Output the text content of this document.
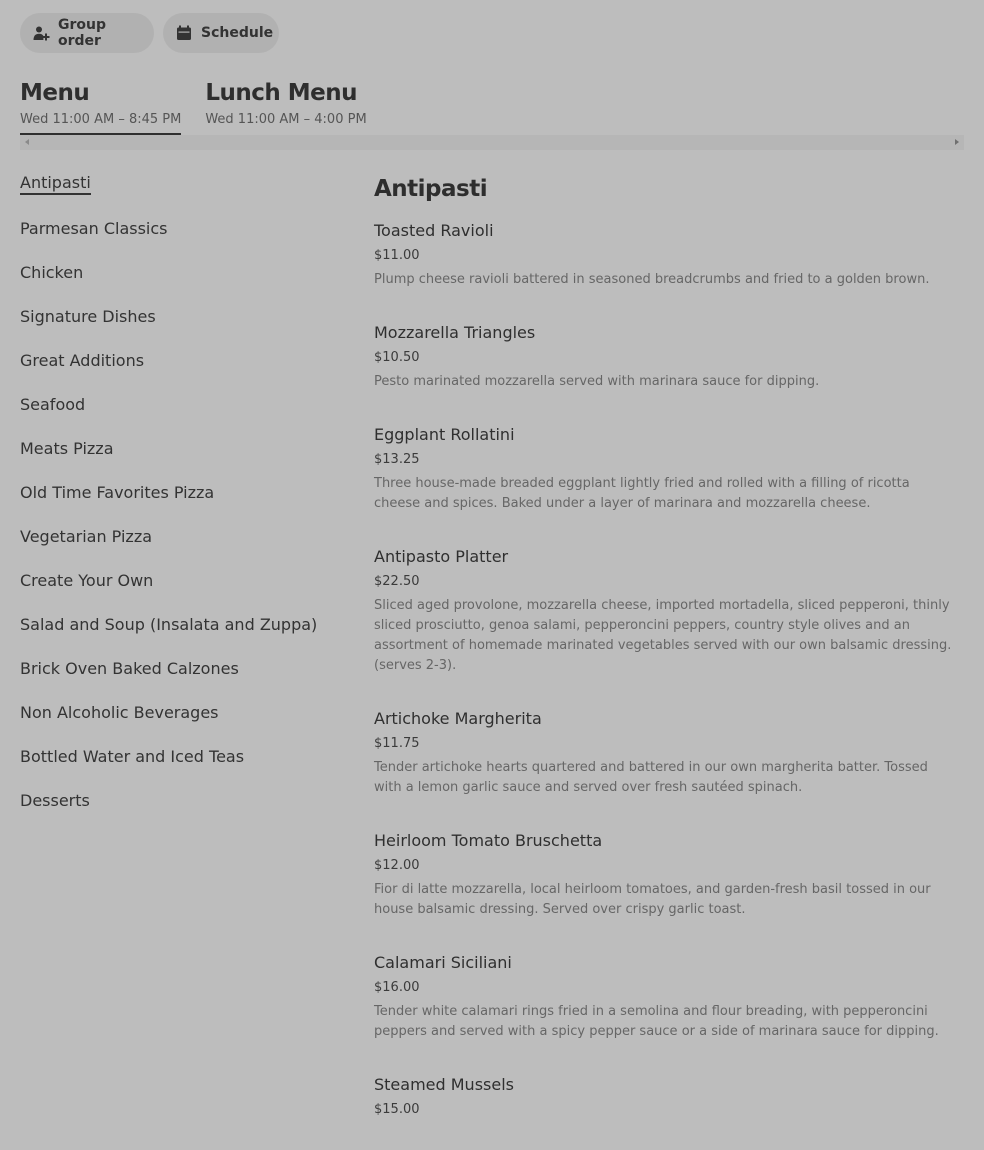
Group order	Schedule
Menu
Wed 11:00 AM – 8:45 PM
Lunch Menu
Wed 11:00 AM – 4:00 PM
Antipasti
Parmesan Classics
Chicken
Signature Dishes
Great Additions
Seafood
Meats Pizza
Old Time Favorites Pizza
Vegetarian Pizza
Create Your Own
Salad and Soup (Insalata and Zuppa)
Brick Oven Baked Calzones
Non Alcoholic Beverages
Bottled Water and Iced Teas
Desserts
Antipasti
Toasted Ravioli
$11.00
Plump cheese ravioli battered in seasoned breadcrumbs and fried to a golden brown.
Mozzarella Triangles
$10.50
Pesto marinated mozzarella served with marinara sauce for dipping.
Eggplant Rollatini
$13.25
Three house-made breaded eggplant lightly fried and rolled with a filling of ricotta cheese and spices. Baked under a layer of marinara and mozzarella cheese.
Antipasto Platter
$22.50
Sliced aged provolone, mozzarella cheese, imported mortadella, sliced pepperoni, thinly sliced prosciutto, genoa salami, pepperoncini peppers, country style olives and an assortment of homemade marinated vegetables served with our own balsamic dressing. (serves 2-3).
Artichoke Margherita
$11.75
Tender artichoke hearts quartered and battered in our own margherita batter. Tossed with a lemon garlic sauce and served over fresh sautéed spinach.
Heirloom Tomato Bruschetta
$12.00
Fior di latte mozzarella, local heirloom tomatoes, and garden-fresh basil tossed in our house balsamic dressing. Served over crispy garlic toast.
Calamari Siciliani
$16.00
Tender white calamari rings fried in a semolina and flour breading, with pepperoncini peppers and served with a spicy pepper sauce or a side of marinara sauce for dipping.
Steamed Mussels
$15.00
